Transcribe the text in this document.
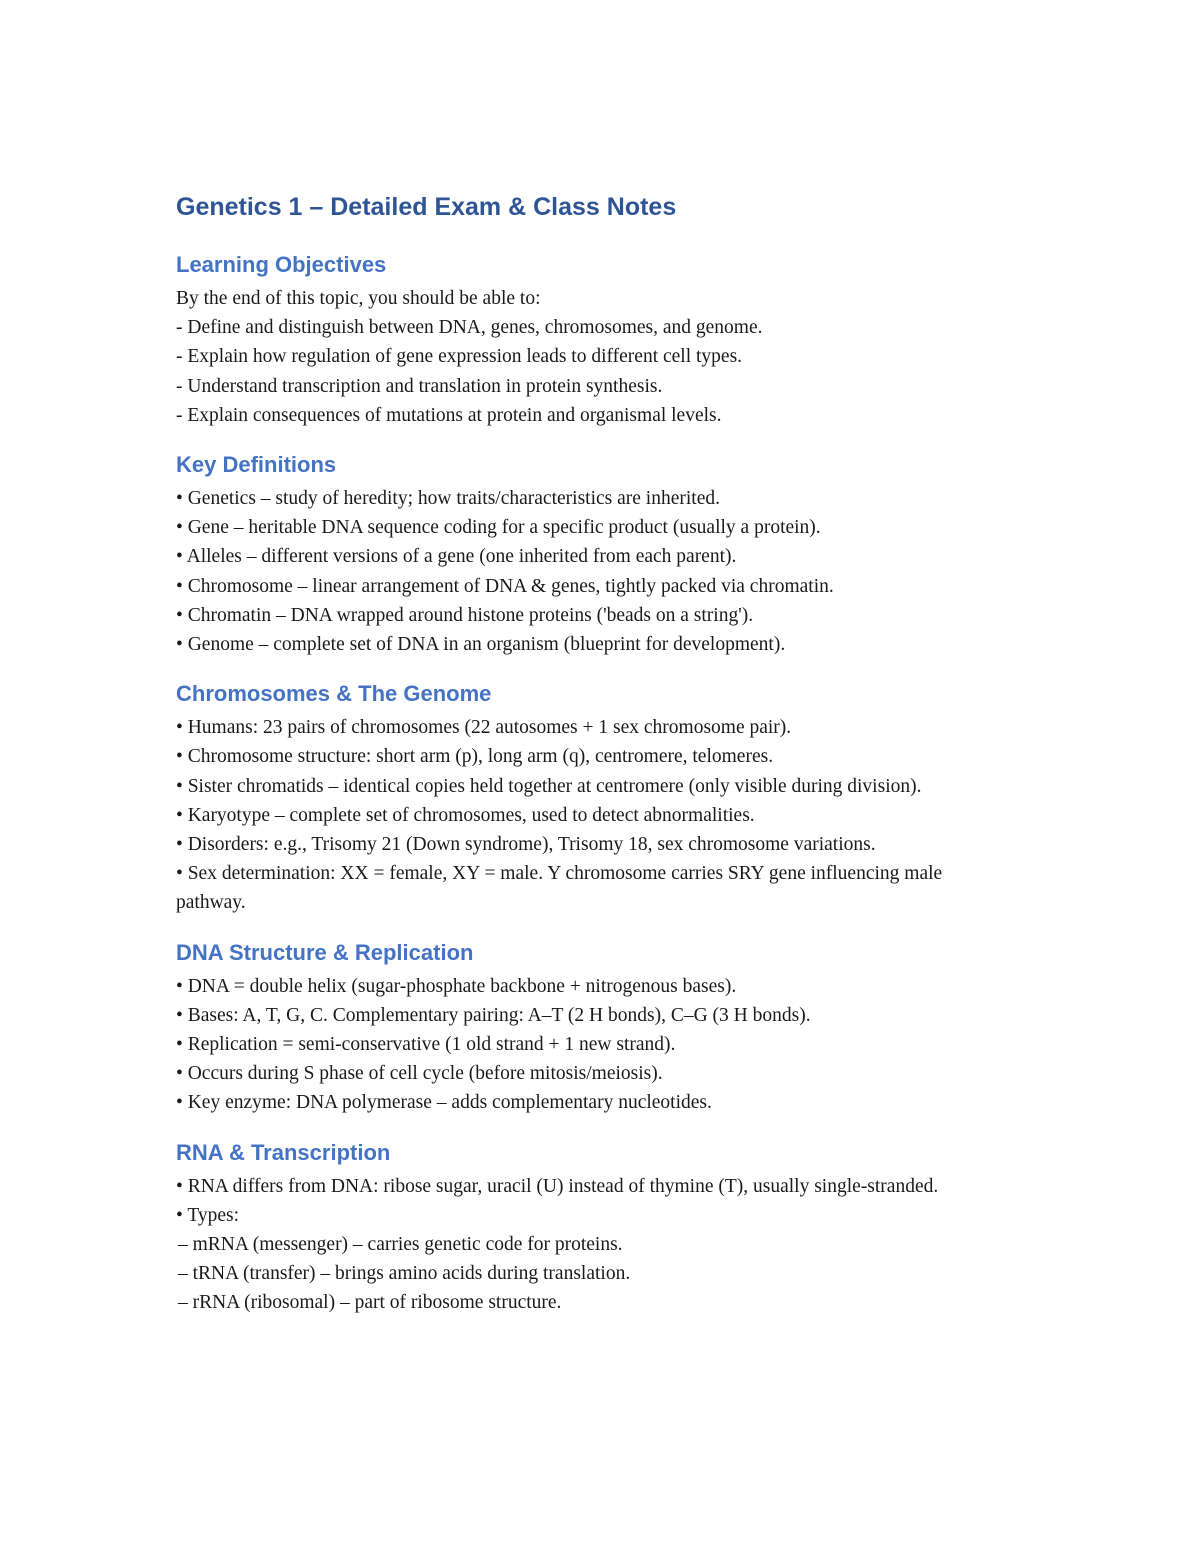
Genetics 1 – Detailed Exam & Class Notes
Learning Objectives

By the end of this topic, you should be able to:

- Define and distinguish between DNA, genes, chromosomes, and genome.

- Explain how regulation of gene expression leads to different cell types.

- Understand transcription and translation in protein synthesis.

- Explain consequences of mutations at protein and organismal levels.

Key Definitions

• Genetics – study of heredity; how traits/characteristics are inherited.

• Gene – heritable DNA sequence coding for a specific product (usually a protein).

• Alleles – different versions of a gene (one inherited from each parent).

• Chromosome – linear arrangement of DNA & genes, tightly packed via chromatin.

• Chromatin – DNA wrapped around histone proteins ('beads on a string').

• Genome – complete set of DNA in an organism (blueprint for development).

Chromosomes & The Genome

• Humans: 23 pairs of chromosomes (22 autosomes + 1 sex chromosome pair).

• Chromosome structure: short arm (p), long arm (q), centromere, telomeres.

• Sister chromatids – identical copies held together at centromere (only visible during division).

• Karyotype – complete set of chromosomes, used to detect abnormalities.

• Disorders: e.g., Trisomy 21 (Down syndrome), Trisomy 18, sex chromosome variations.

• Sex determination: XX = female, XY = male. Y chromosome carries SRY gene influencing male pathway.

DNA Structure & Replication

• DNA = double helix (sugar-phosphate backbone + nitrogenous bases).

• Bases: A, T, G, C. Complementary pairing: A–T (2 H bonds), C–G (3 H bonds).

• Replication = semi-conservative (1 old strand + 1 new strand).

• Occurs during S phase of cell cycle (before mitosis/meiosis).

• Key enzyme: DNA polymerase – adds complementary nucleotides.

RNA & Transcription

• RNA differs from DNA: ribose sugar, uracil (U) instead of thymine (T), usually single-stranded.

• Types:

– mRNA (messenger) – carries genetic code for proteins.

– tRNA (transfer) – brings amino acids during translation.

– rRNA (ribosomal) – part of ribosome structure.
